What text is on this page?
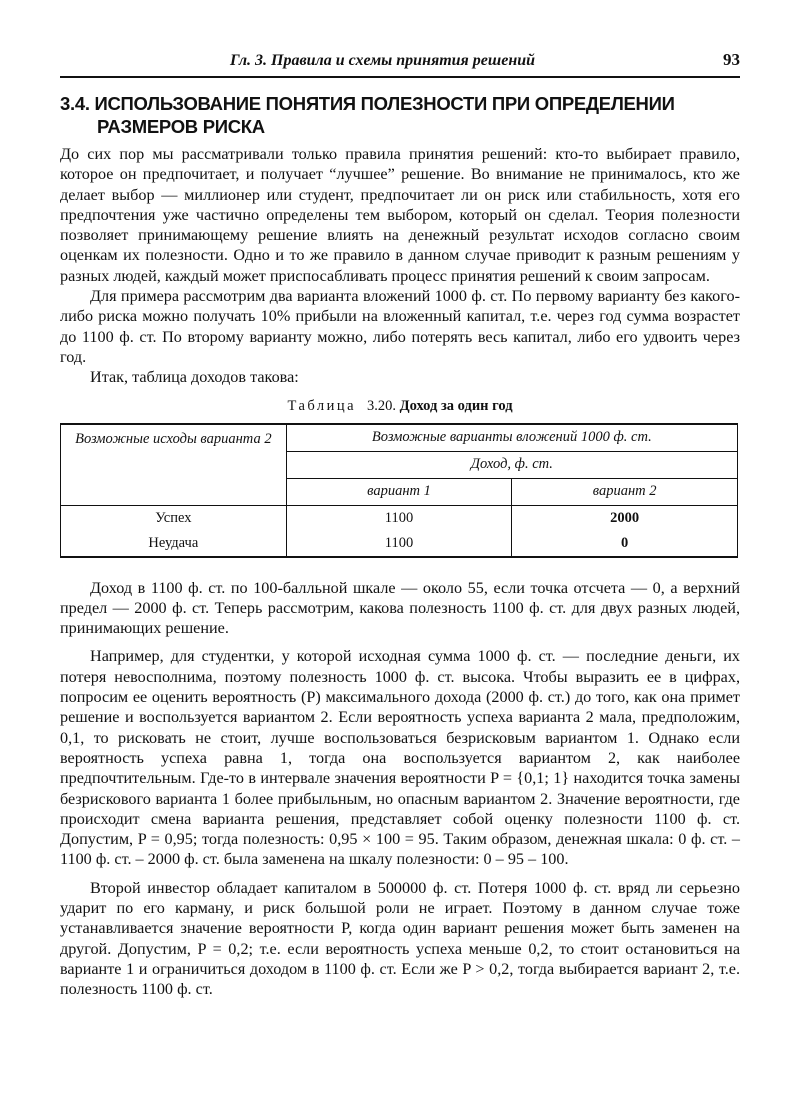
Гл. 3. Правила и схемы принятия решений	93
3.4. ИСПОЛЬЗОВАНИЕ ПОНЯТИЯ ПОЛЕЗНОСТИ ПРИ ОПРЕДЕЛЕНИИ
РАЗМЕРОВ РИСКА

До сих пор мы рассматривали только правила принятия решений: кто-то выбирает правило, которое он предпочитает, и получает “лучшее” решение. Во внимание не принималось, кто же делает выбор — миллионер или студент, предпочитает ли он риск или стабильность, хотя его предпочтения уже частично определены тем выбором, который он сделал. Теория полезности позволяет принимающему решение влиять на денежный результат исходов согласно своим оценкам их полезности. Одно и то же правило в данном случае приводит к разным решениям у разных людей, каждый может приспосабливать процесс принятия решений к своим запросам.

Для примера рассмотрим два варианта вложений 1000 ф. ст. По первому варианту без какого-либо риска можно получать 10% прибыли на вложенный капитал, т.е. через год сумма возрастет до 1100 ф. ст. По второму варианту можно, либо потерять весь капитал, либо его удвоить через год.

Итак, таблица доходов такова:

Таблица 3.20. Доход за один год
Возможные исходы варианта 2	Возможные варианты вложений 1000 ф. ст.	
	Доход, ф. ст.	
	вариант 1	вариант 2
Успех	1100	2000
Неудача	1100	0

Доход в 1100 ф. ст. по 100-балльной шкале — около 55, если точка отсчета — 0, а верхний предел — 2000 ф. ст. Теперь рассмотрим, какова полезность 1100 ф. ст. для двух разных людей, принимающих решение.

Например, для студентки, у которой исходная сумма 1000 ф. ст. — последние деньги, их потеря невосполнима, поэтому полезность 1000 ф. ст. высока. Чтобы выразить ее в цифрах, попросим ее оценить вероятность (P) максимального дохода (2000 ф. ст.) до того, как она примет решение и воспользуется вариантом 2. Если вероятность успеха варианта 2 мала, предположим, 0,1, то рисковать не стоит, лучше воспользоваться безрисковым вариантом 1. Однако если вероятность успеха равна 1, тогда она воспользуется вариантом 2, как наиболее предпочтительным. Где-то в интервале значения вероятности P = {0,1; 1} находится точка замены безрискового варианта 1 более прибыльным, но опасным вариантом 2. Значение вероятности, где происходит смена варианта решения, представляет собой оценку полезности 1100 ф. ст. Допустим, P = 0,95; тогда полезность: 0,95 × 100 = 95. Таким образом, денежная шкала: 0 ф. ст. – 1100 ф. ст. – 2000 ф. ст. была заменена на шкалу полезности: 0 – 95 – 100.

Второй инвестор обладает капиталом в 500000 ф. ст. Потеря 1000 ф. ст. вряд ли серьезно ударит по его карману, и риск большой роли не играет. Поэтому в данном случае тоже устанавливается значение вероятности P, когда один вариант решения может быть заменен на другой. Допустим, P = 0,2; т.е. если вероятность успеха меньше 0,2, то стоит остановиться на варианте 1 и ограничиться доходом в 1100 ф. ст. Если же P > 0,2, тогда выбирается вариант 2, т.е. полезность 1100 ф. ст.
